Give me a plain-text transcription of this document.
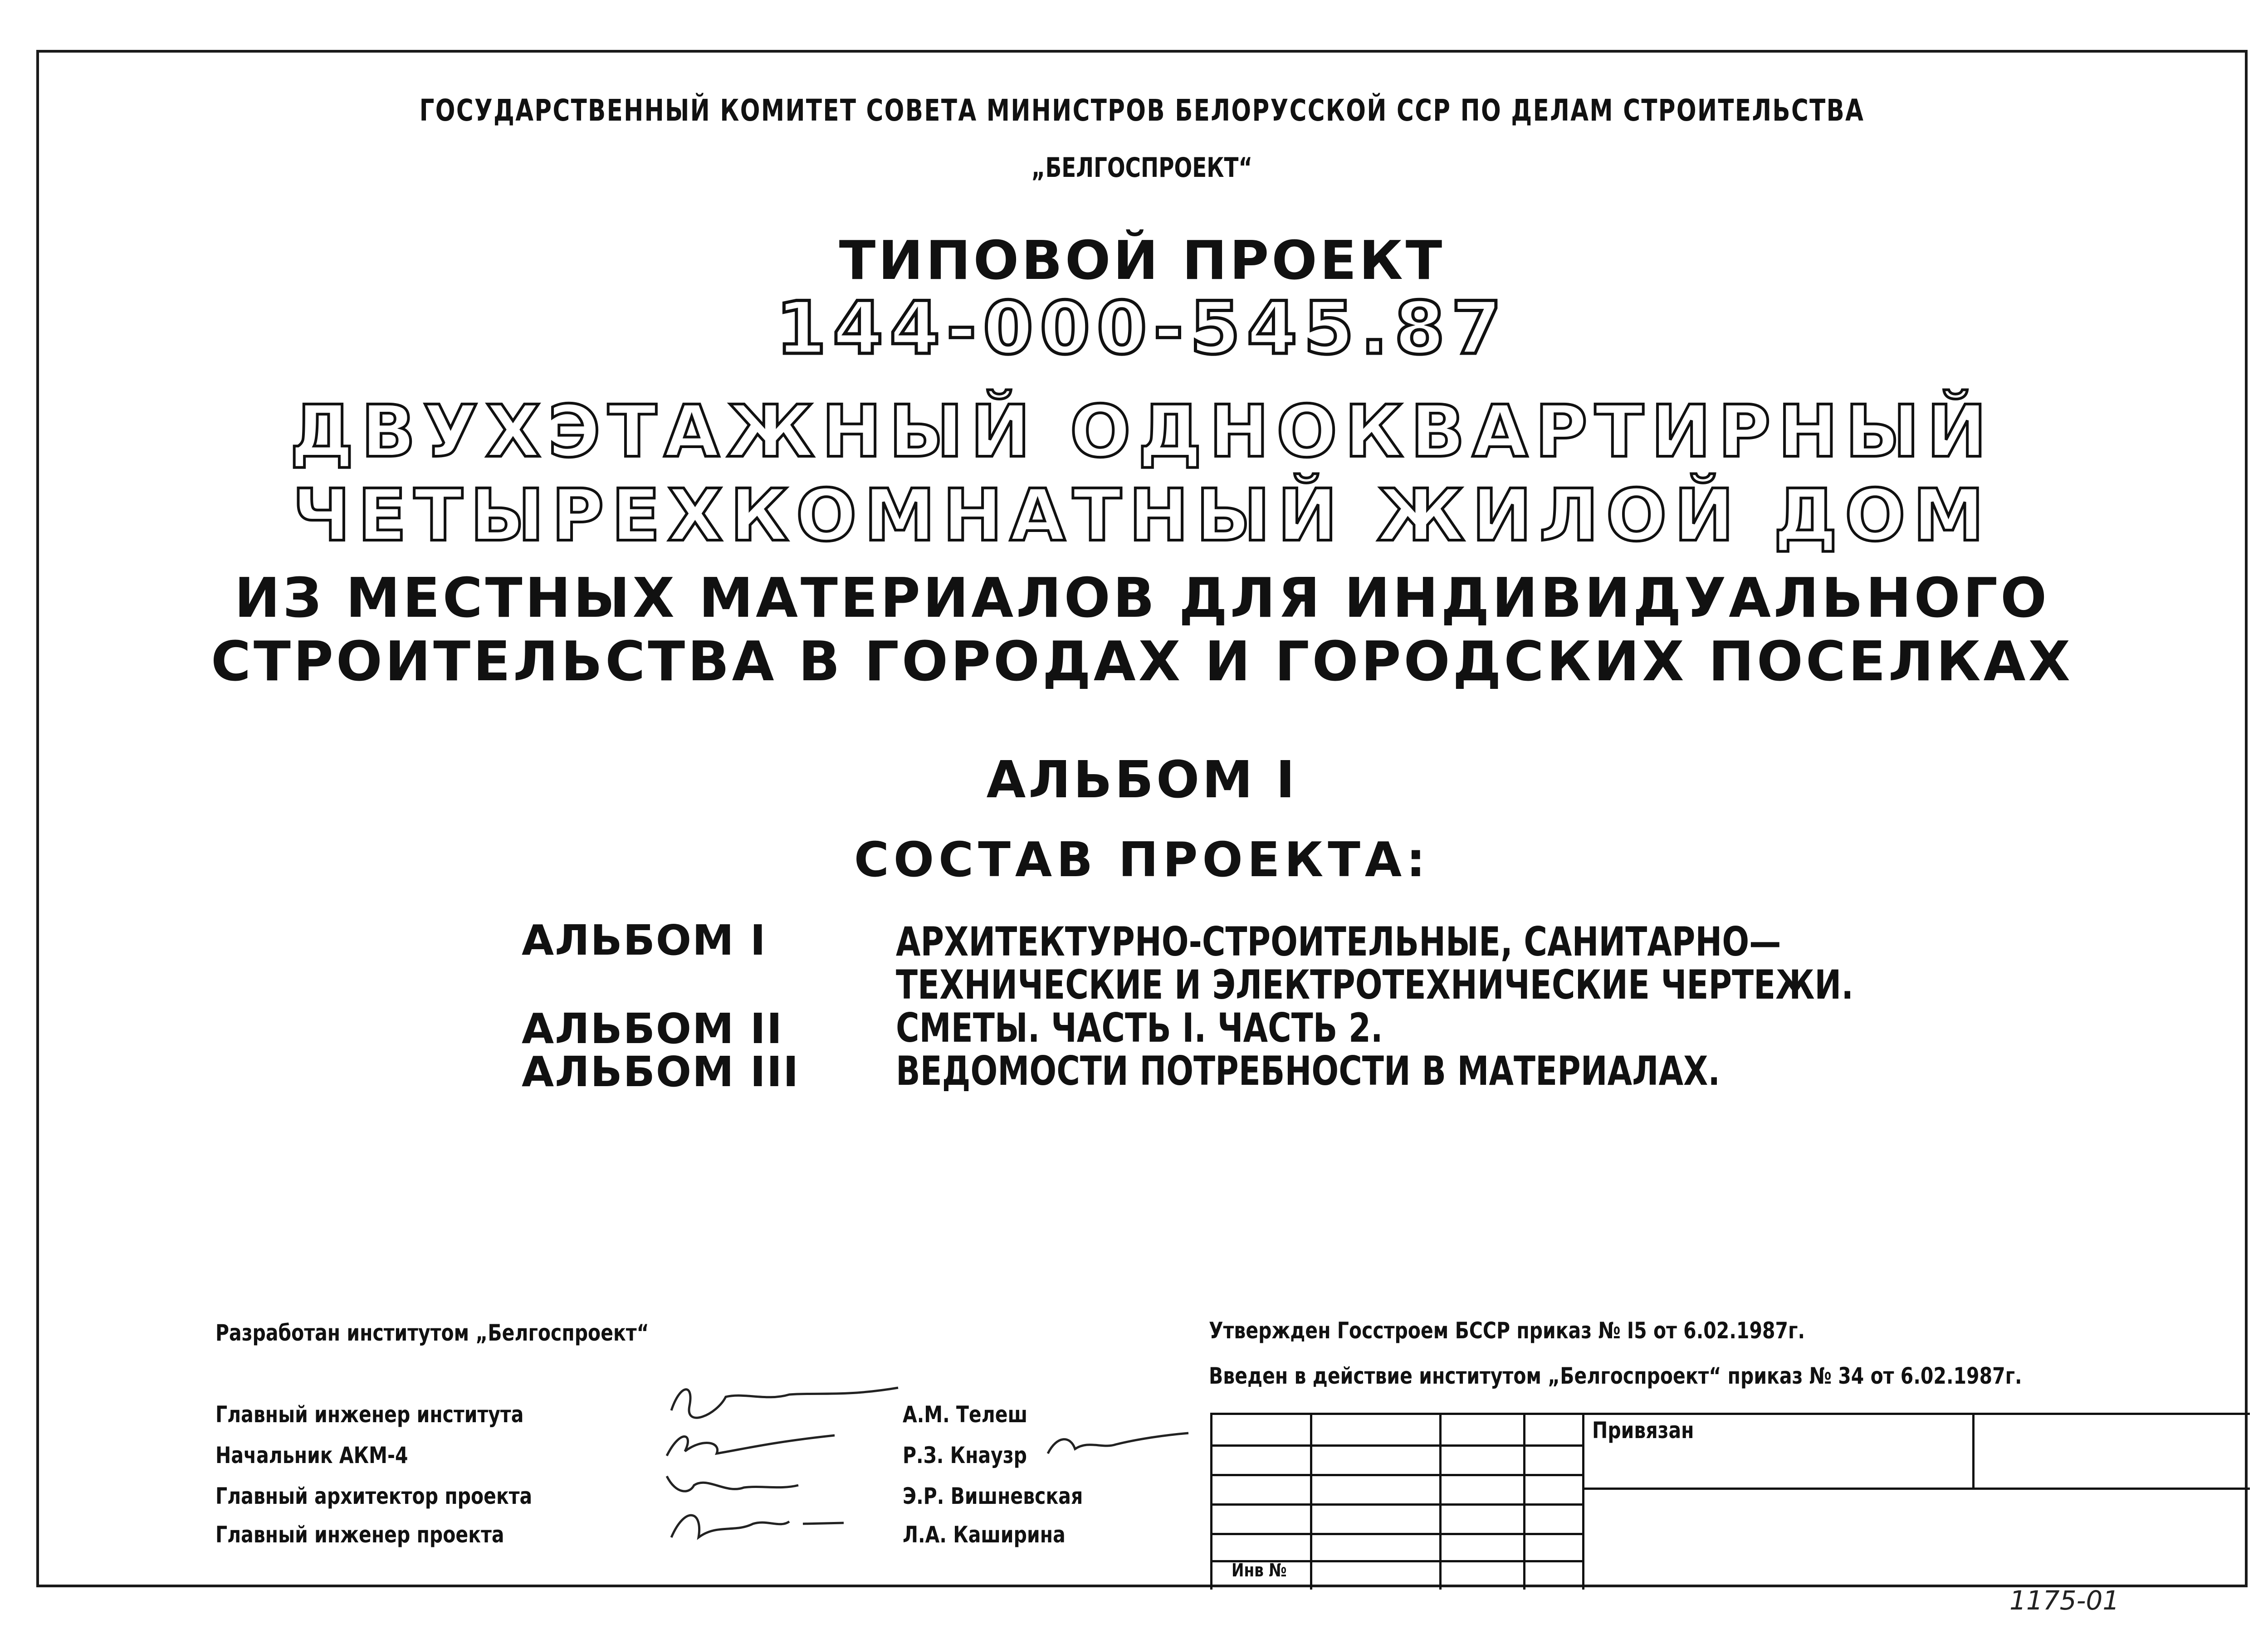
ГОСУДАРСТВЕННЫЙ КОМИТЕТ СОВЕТА МИНИСТРОВ БЕЛОРУССКОЙ ССР ПО ДЕЛАМ СТРОИТЕЛЬСТВА
„БЕЛГОСПРОЕКТ“
ТИПОВОЙ ПРОЕКТ
144-000-545.87
ДВУХЭТАЖНЫЙ ОДНОКВАРТИРНЫЙ
ЧЕТЫРЕХКОМНАТНЫЙ ЖИЛОЙ ДОМ
ИЗ МЕСТНЫХ МАТЕРИАЛОВ ДЛЯ ИНДИВИДУАЛЬНОГО
СТРОИТЕЛЬСТВА В ГОРОДАХ И ГОРОДСКИХ ПОСЕЛКАХ
АЛЬБОМ I
СОСТАВ ПРОЕКТА:
АЛЬБОМ I	АРХИТЕКТУРНО-СТРОИТЕЛЬНЫЕ, САНИТАРНО—
ТЕХНИЧЕСКИЕ И ЭЛЕКТРОТЕХНИЧЕСКИЕ ЧЕРТЕЖИ.
АЛЬБОМ II	СМЕТЫ. ЧАСТЬ I. ЧАСТЬ 2.
АЛЬБОМ III ВЕДОМОСТИ ПОТРЕБНОСТИ В МАТЕРИАЛАХ.
Разработан институтом „Белгоспроект“
Главный инженер института
Начальник АКМ-4
Главный архитектор проекта
Главный инженер проекта
А.М. Телеш
Р.З. Кнаузр
Э.Р. Вишневская
Л.А. Каширина
Утвержден Госстроем БССР приказ № I5 от 6.02.1987г.
Введен в действие институтом „Белгоспроект“ приказ № 34 от 6.02.1987г.
Привязан
Инв №
1175-01
